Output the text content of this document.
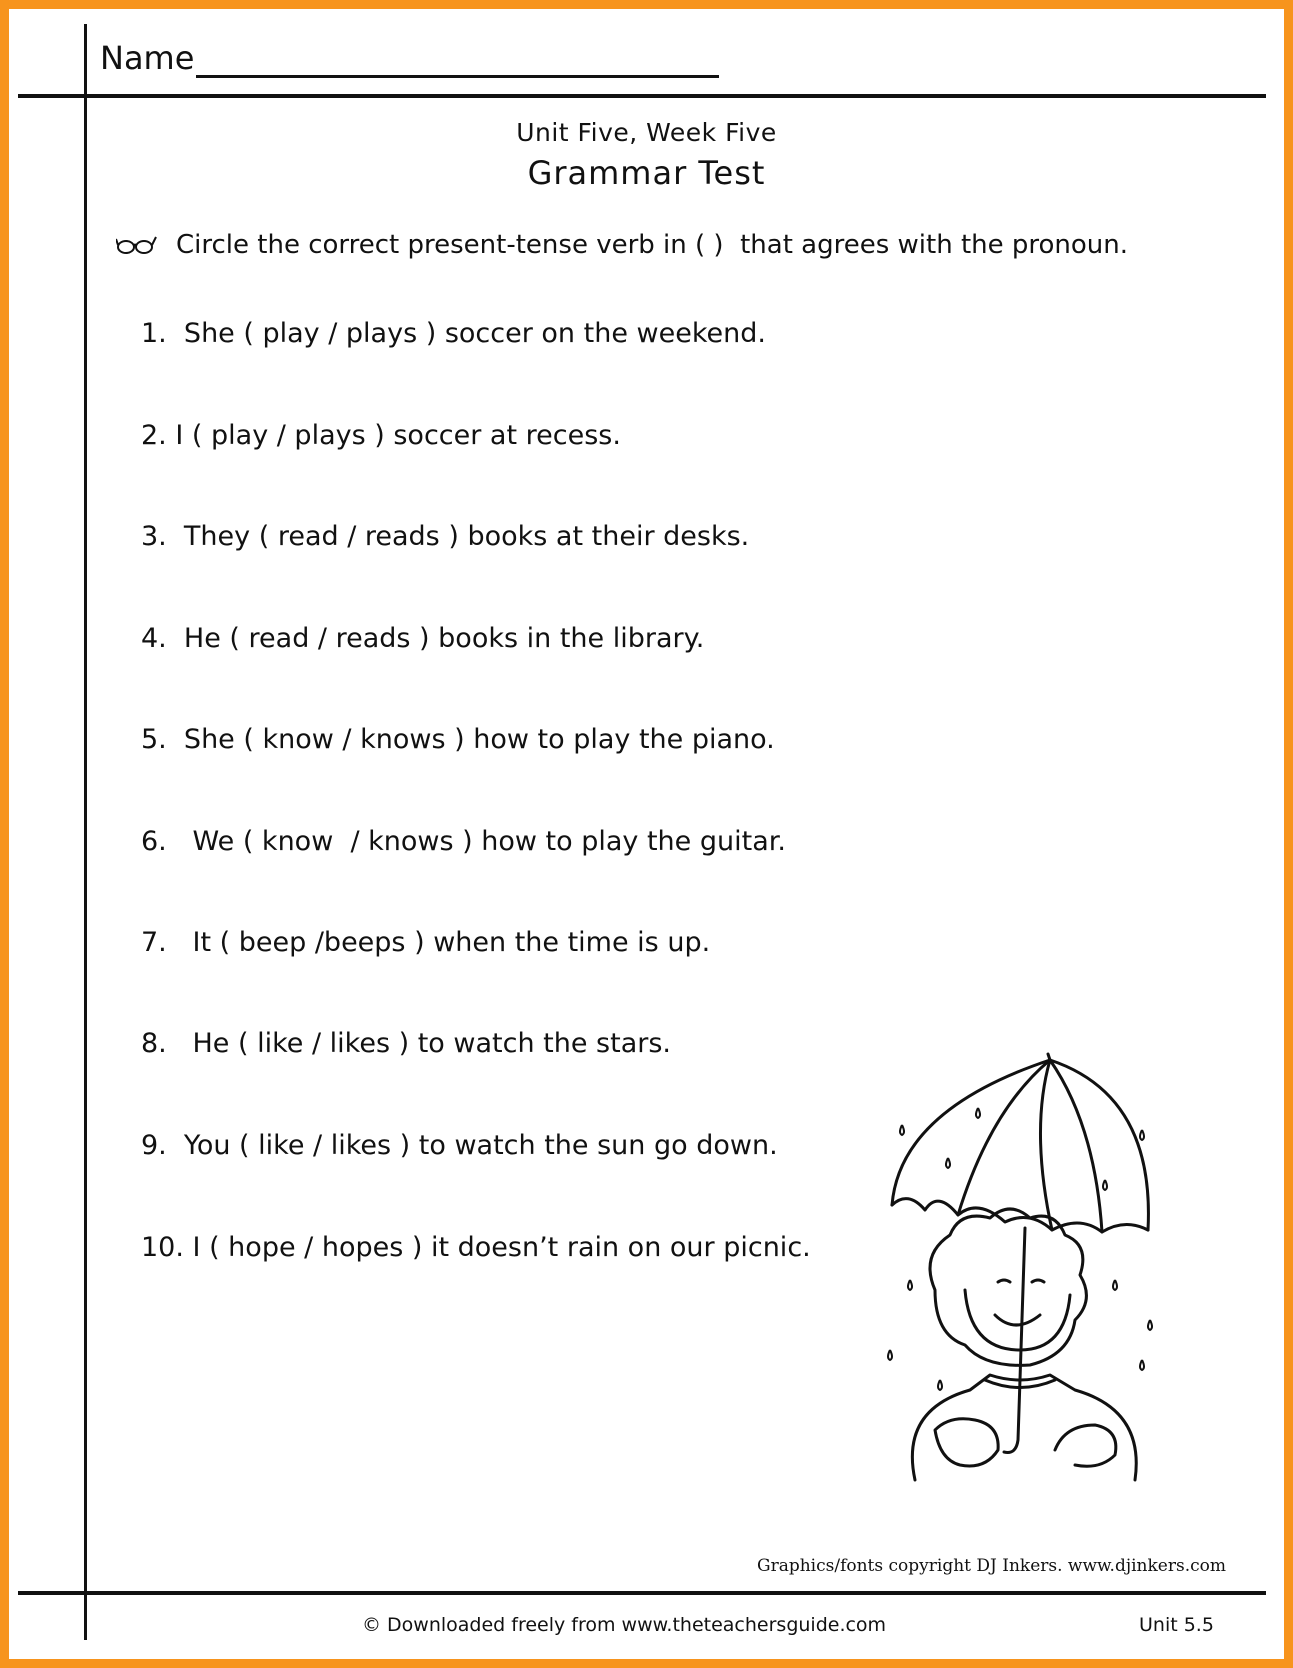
Name
Unit Five, Week Five
Grammar Test
Circle the correct present-tense verb in ( )  that agrees with the pronoun.
1.  She ( play / plays ) soccer on the weekend.
2. I ( play / plays ) soccer at recess.
3.  They ( read / reads ) books at their desks.
4.  He ( read / reads ) books in the library.
5.  She ( know / knows ) how to play the piano.
6.   We ( know  / knows ) how to play the guitar.
7.   It ( beep /beeps ) when the time is up.
8.   He ( like / likes ) to watch the stars.
9.  You ( like / likes ) to watch the sun go down.
10. I ( hope / hopes ) it doesn’t rain on our picnic.
Graphics/fonts copyright DJ Inkers. www.djinkers.com
© Downloaded freely from www.theteachersguide.com	Unit 5.5
